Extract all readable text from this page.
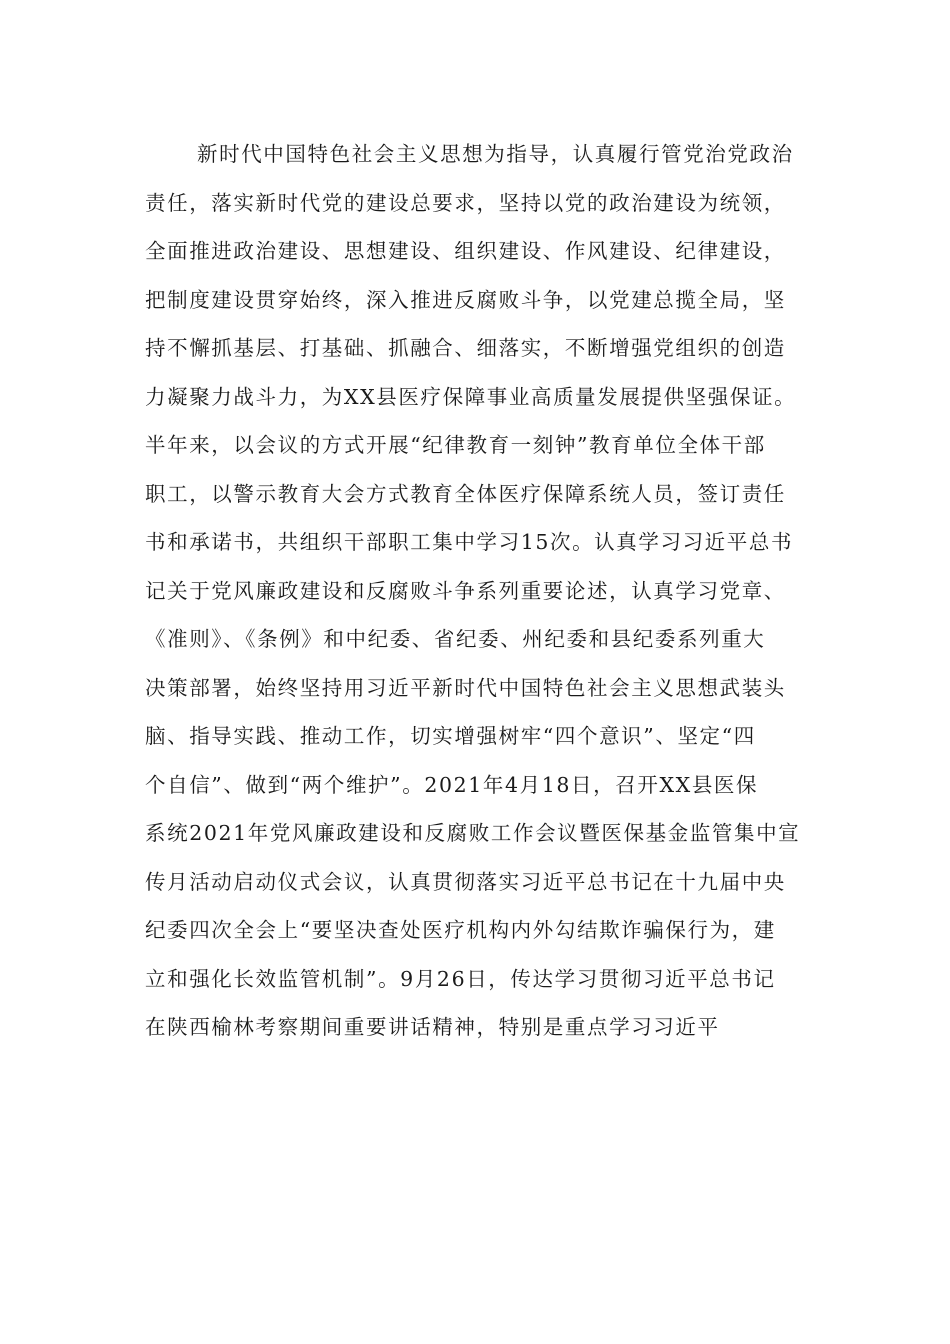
新时代中国特色社会主义思想为指导，认真履行管党治党政治
责任，落实新时代党的建设总要求，坚持以党的政治建设为统领，
全面推进政治建设、思想建设、组织建设、作风建设、纪律建设，
把制度建设贯穿始终，深入推进反腐败斗争，以党建总揽全局，坚
持不懈抓基层、打基础、抓融合、细落实，不断增强党组织的创造
力凝聚力战斗力，为XX县医疗保障事业高质量发展提供坚强保证。
半年来，以会议的方式开展“纪律教育一刻钟”教育单位全体干部
职工，以警示教育大会方式教育全体医疗保障系统人员，签订责任
书和承诺书，共组织干部职工集中学习15次。认真学习习近平总书
记关于党风廉政建设和反腐败斗争系列重要论述，认真学习党章、
《准则》、《条例》和中纪委、省纪委、州纪委和县纪委系列重大
决策部署，始终坚持用习近平新时代中国特色社会主义思想武装头
脑、指导实践、推动工作，切实增强树牢“四个意识”、坚定“四
个自信”、做到“两个维护”。2021年4月18日，召开XX县医保
系统2021年党风廉政建设和反腐败工作会议暨医保基金监管集中宣
传月活动启动仪式会议，认真贯彻落实习近平总书记在十九届中央
纪委四次全会上“要坚决查处医疗机构内外勾结欺诈骗保行为，建
立和强化长效监管机制”。9月26日，传达学习贯彻习近平总书记
在陕西榆林考察期间重要讲话精神，特别是重点学习习近平
